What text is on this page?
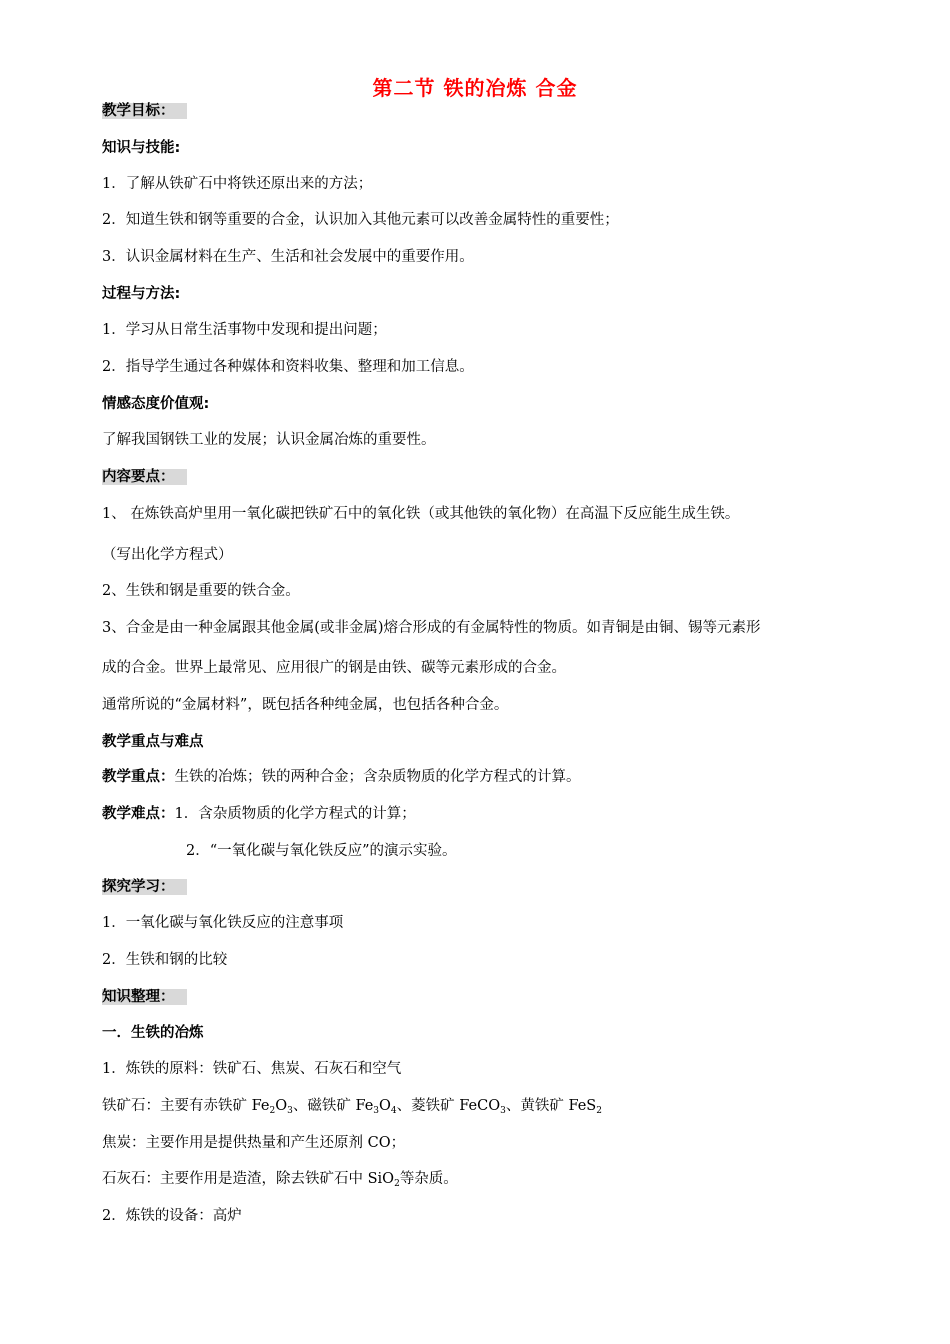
第二节 铁的冶炼 合金
教学目标：
知识与技能:
1．了解从铁矿石中将铁还原出来的方法；
2．知道生铁和钢等重要的合金，认识加入其他元素可以改善金属特性的重要性；
3．认识金属材料在生产、生活和社会发展中的重要作用。
过程与方法:
1．学习从日常生活事物中发现和提出问题；
2．指导学生通过各种媒体和资料收集、整理和加工信息。
情感态度价值观:
了解我国钢铁工业的发展；认识金属冶炼的重要性。
内容要点：
1、 在炼铁高炉里用一氧化碳把铁矿石中的氧化铁（或其他铁的氧化物）在高温下反应能生成生铁。
（写出化学方程式）
2、生铁和钢是重要的铁合金。
3、合金是由一种金属跟其他金属(或非金属)熔合形成的有金属特性的物质。如青铜是由铜、锡等元素形
成的合金。世界上最常见、应用很广的钢是由铁、碳等元素形成的合金。
通常所说的“金属材料”，既包括各种纯金属，也包括各种合金。
教学重点与难点
教学重点：生铁的冶炼；铁的两种合金；含杂质物质的化学方程式的计算。
教学难点：1．含杂质物质的化学方程式的计算；
2．“一氧化碳与氧化铁反应”的演示实验。
探究学习：
1．一氧化碳与氧化铁反应的注意事项
2．生铁和钢的比较
知识整理：
一．生铁的冶炼
1．炼铁的原料：铁矿石、焦炭、石灰石和空气
铁矿石：主要有赤铁矿 $Fe_2O_3$、磁铁矿 $Fe_3O_4$、菱铁矿 FeCO$_3$、黄铁矿 FeS$_2$
焦炭：主要作用是提供热量和产生还原剂 CO；
石灰石：主要作用是造渣，除去铁矿石中 SiO$_2$等杂质。
2．炼铁的设备：高炉
